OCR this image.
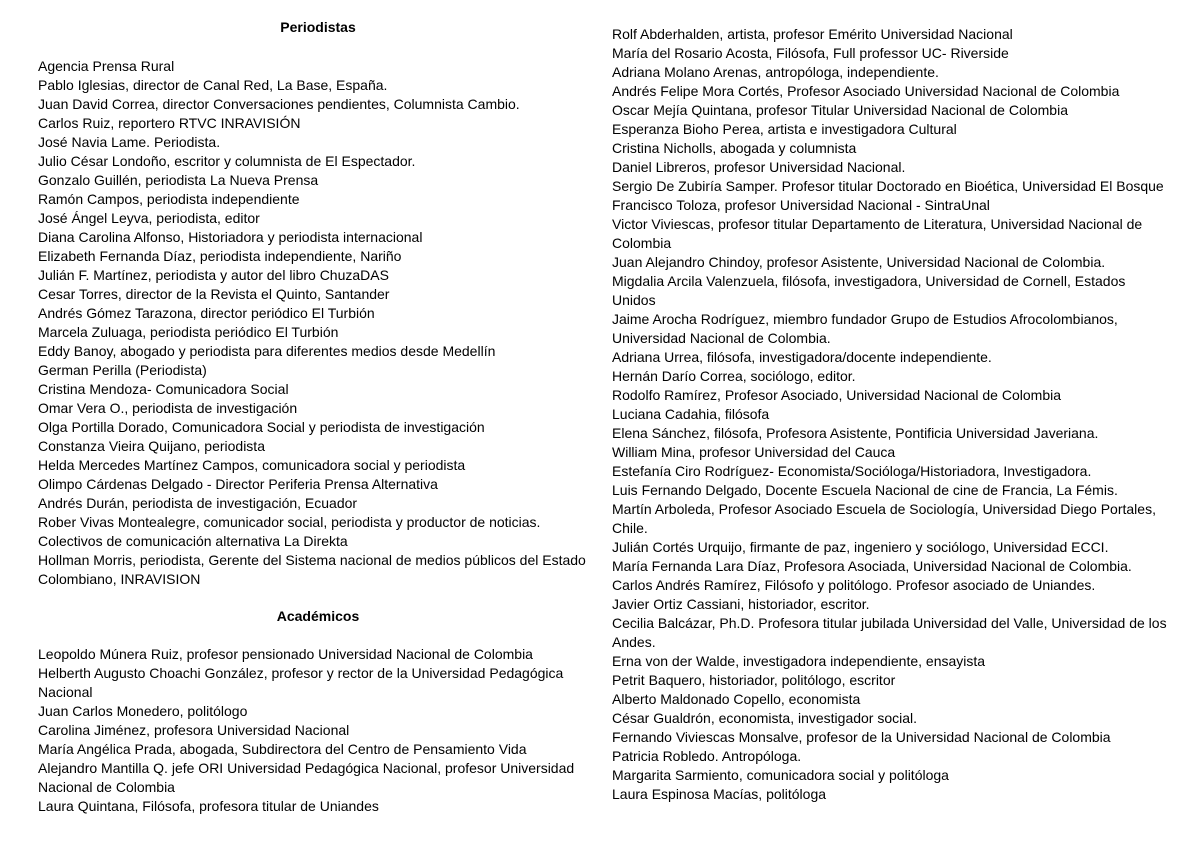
Periodistas
Agencia Prensa Rural
Pablo Iglesias, director de Canal Red, La Base, España.
Juan David Correa, director Conversaciones pendientes, Columnista Cambio.
Carlos Ruiz, reportero RTVC INRAVISIÓN
José Navia Lame. Periodista.
Julio César Londoño, escritor y columnista de El Espectador.
Gonzalo Guillén, periodista La Nueva Prensa
Ramón Campos, periodista independiente
José Ángel Leyva, periodista, editor
Diana Carolina Alfonso, Historiadora y periodista internacional
Elizabeth Fernanda Díaz, periodista independiente, Nariño
Julián F. Martínez, periodista y autor del libro ChuzaDAS
Cesar Torres, director de la Revista el Quinto, Santander
Andrés Gómez Tarazona, director periódico El Turbión
Marcela Zuluaga, periodista periódico El Turbión
Eddy Banoy, abogado y periodista para diferentes medios desde Medellín
German Perilla (Periodista)
Cristina Mendoza- Comunicadora Social
Omar Vera O., periodista de investigación
Olga Portilla Dorado, Comunicadora Social y periodista de investigación
Constanza Vieira Quijano, periodista
Helda Mercedes Martínez Campos, comunicadora social y periodista
Olimpo Cárdenas Delgado - Director Periferia Prensa Alternativa
Andrés Durán, periodista de investigación, Ecuador
Rober Vivas Montealegre, comunicador social, periodista y productor de noticias.
Colectivos de comunicación alternativa La Direkta
Hollman Morris, periodista, Gerente del Sistema nacional de medios públicos del Estado Colombiano, INRAVISION
Académicos
Leopoldo Múnera Ruiz, profesor pensionado Universidad Nacional de Colombia
Helberth Augusto Choachi González, profesor y rector de la Universidad Pedagógica Nacional
Juan Carlos Monedero, politólogo
Carolina Jiménez, profesora Universidad Nacional
María Angélica Prada, abogada, Subdirectora del Centro de Pensamiento Vida
Alejandro Mantilla Q. jefe ORI Universidad Pedagógica Nacional, profesor Universidad Nacional de Colombia
Laura Quintana, Filósofa, profesora titular de Uniandes
Rolf Abderhalden, artista, profesor Emérito Universidad Nacional
María del Rosario Acosta, Filósofa, Full professor UC- Riverside
Adriana Molano Arenas, antropóloga, independiente.
Andrés Felipe Mora Cortés, Profesor Asociado Universidad Nacional de Colombia
Oscar Mejía Quintana, profesor Titular Universidad Nacional de Colombia
Esperanza Bioho Perea, artista e investigadora Cultural
Cristina Nicholls, abogada y columnista
Daniel Libreros, profesor Universidad Nacional.
Sergio De Zubiría Samper. Profesor titular Doctorado en Bioética, Universidad El Bosque
Francisco Toloza, profesor Universidad Nacional - SintraUnal
Victor Viviescas, profesor titular Departamento de Literatura, Universidad Nacional de Colombia
Juan Alejandro Chindoy, profesor Asistente, Universidad Nacional de Colombia.
Migdalia Arcila Valenzuela, filósofa, investigadora, Universidad de Cornell, Estados Unidos
Jaime Arocha Rodríguez, miembro fundador Grupo de Estudios Afrocolombianos, Universidad Nacional de Colombia.
Adriana Urrea, filósofa, investigadora/docente independiente.
Hernán Darío Correa, sociólogo, editor.
Rodolfo Ramírez, Profesor Asociado, Universidad Nacional de Colombia
Luciana Cadahia, filósofa
Elena Sánchez, filósofa, Profesora Asistente, Pontificia Universidad Javeriana.
William Mina, profesor Universidad del Cauca
Estefanía Ciro Rodríguez- Economista/Socióloga/Historiadora, Investigadora.
Luis Fernando Delgado, Docente Escuela Nacional de cine de Francia, La Fémis.
Martín Arboleda, Profesor Asociado Escuela de Sociología, Universidad Diego Portales, Chile.
Julián Cortés Urquijo, firmante de paz, ingeniero y sociólogo, Universidad ECCI.
María Fernanda Lara Díaz, Profesora Asociada, Universidad Nacional de Colombia.
Carlos Andrés Ramírez, Filósofo y politólogo. Profesor asociado de Uniandes.
Javier Ortiz Cassiani, historiador, escritor.
Cecilia Balcázar, Ph.D. Profesora titular jubilada Universidad del Valle, Universidad de los Andes.
Erna von der Walde, investigadora independiente, ensayista
Petrit Baquero, historiador, politólogo, escritor
Alberto Maldonado Copello, economista
César Gualdrón, economista, investigador social.
Fernando Viviescas Monsalve, profesor de la Universidad Nacional de Colombia
Patricia Robledo. Antropóloga.
Margarita Sarmiento, comunicadora social y politóloga
Laura Espinosa Macías, politóloga
